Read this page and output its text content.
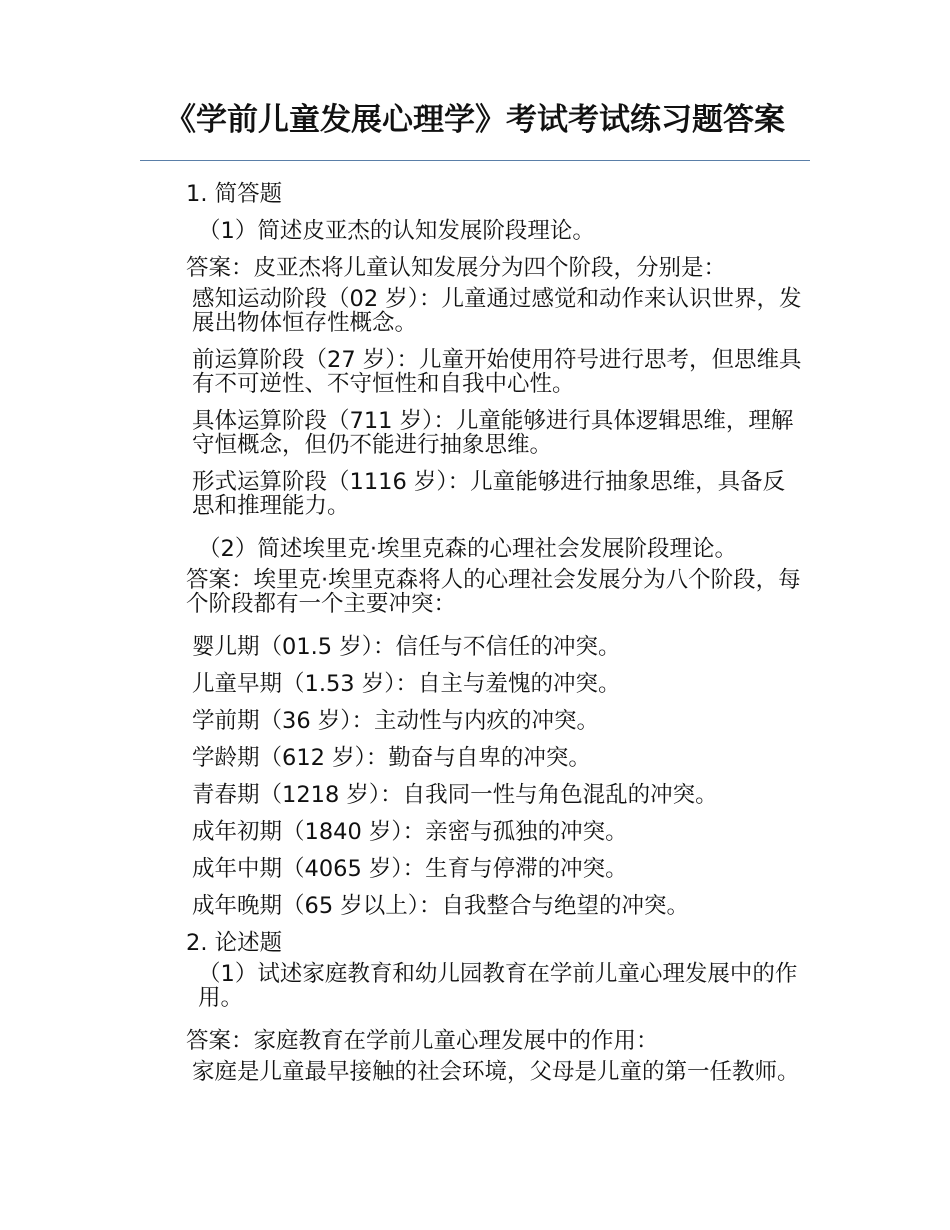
《学前儿童发展心理学》考试考试练习题答案

1. 简答题

（1）简述皮亚杰的认知发展阶段理论。

答案：皮亚杰将儿童认知发展分为四个阶段，分别是：

感知运动阶段（02 岁）：儿童通过感觉和动作来认识世界，发展出物体恒存性概念。

前运算阶段（27 岁）：儿童开始使用符号进行思考，但思维具有不可逆性、不守恒性和自我中心性。

具体运算阶段（711 岁）：儿童能够进行具体逻辑思维，理解守恒概念，但仍不能进行抽象思维。

形式运算阶段（1116 岁）：儿童能够进行抽象思维，具备反思和推理能力。

（2）简述埃里克·埃里克森的心理社会发展阶段理论。

答案：埃里克·埃里克森将人的心理社会发展分为八个阶段，每个阶段都有一个主要冲突：

婴儿期（01.5 岁）：信任与不信任的冲突。

儿童早期（1.53 岁）：自主与羞愧的冲突。

学前期（36 岁）：主动性与内疚的冲突。

学龄期（612 岁）：勤奋与自卑的冲突。

青春期（1218 岁）：自我同一性与角色混乱的冲突。

成年初期（1840 岁）：亲密与孤独的冲突。

成年中期（4065 岁）：生育与停滞的冲突。

成年晚期（65 岁以上）：自我整合与绝望的冲突。

2. 论述题

（1）试述家庭教育和幼儿园教育在学前儿童心理发展中的作用。

答案：家庭教育在学前儿童心理发展中的作用：

家庭是儿童最早接触的社会环境，父母是儿童的第一任教师。
